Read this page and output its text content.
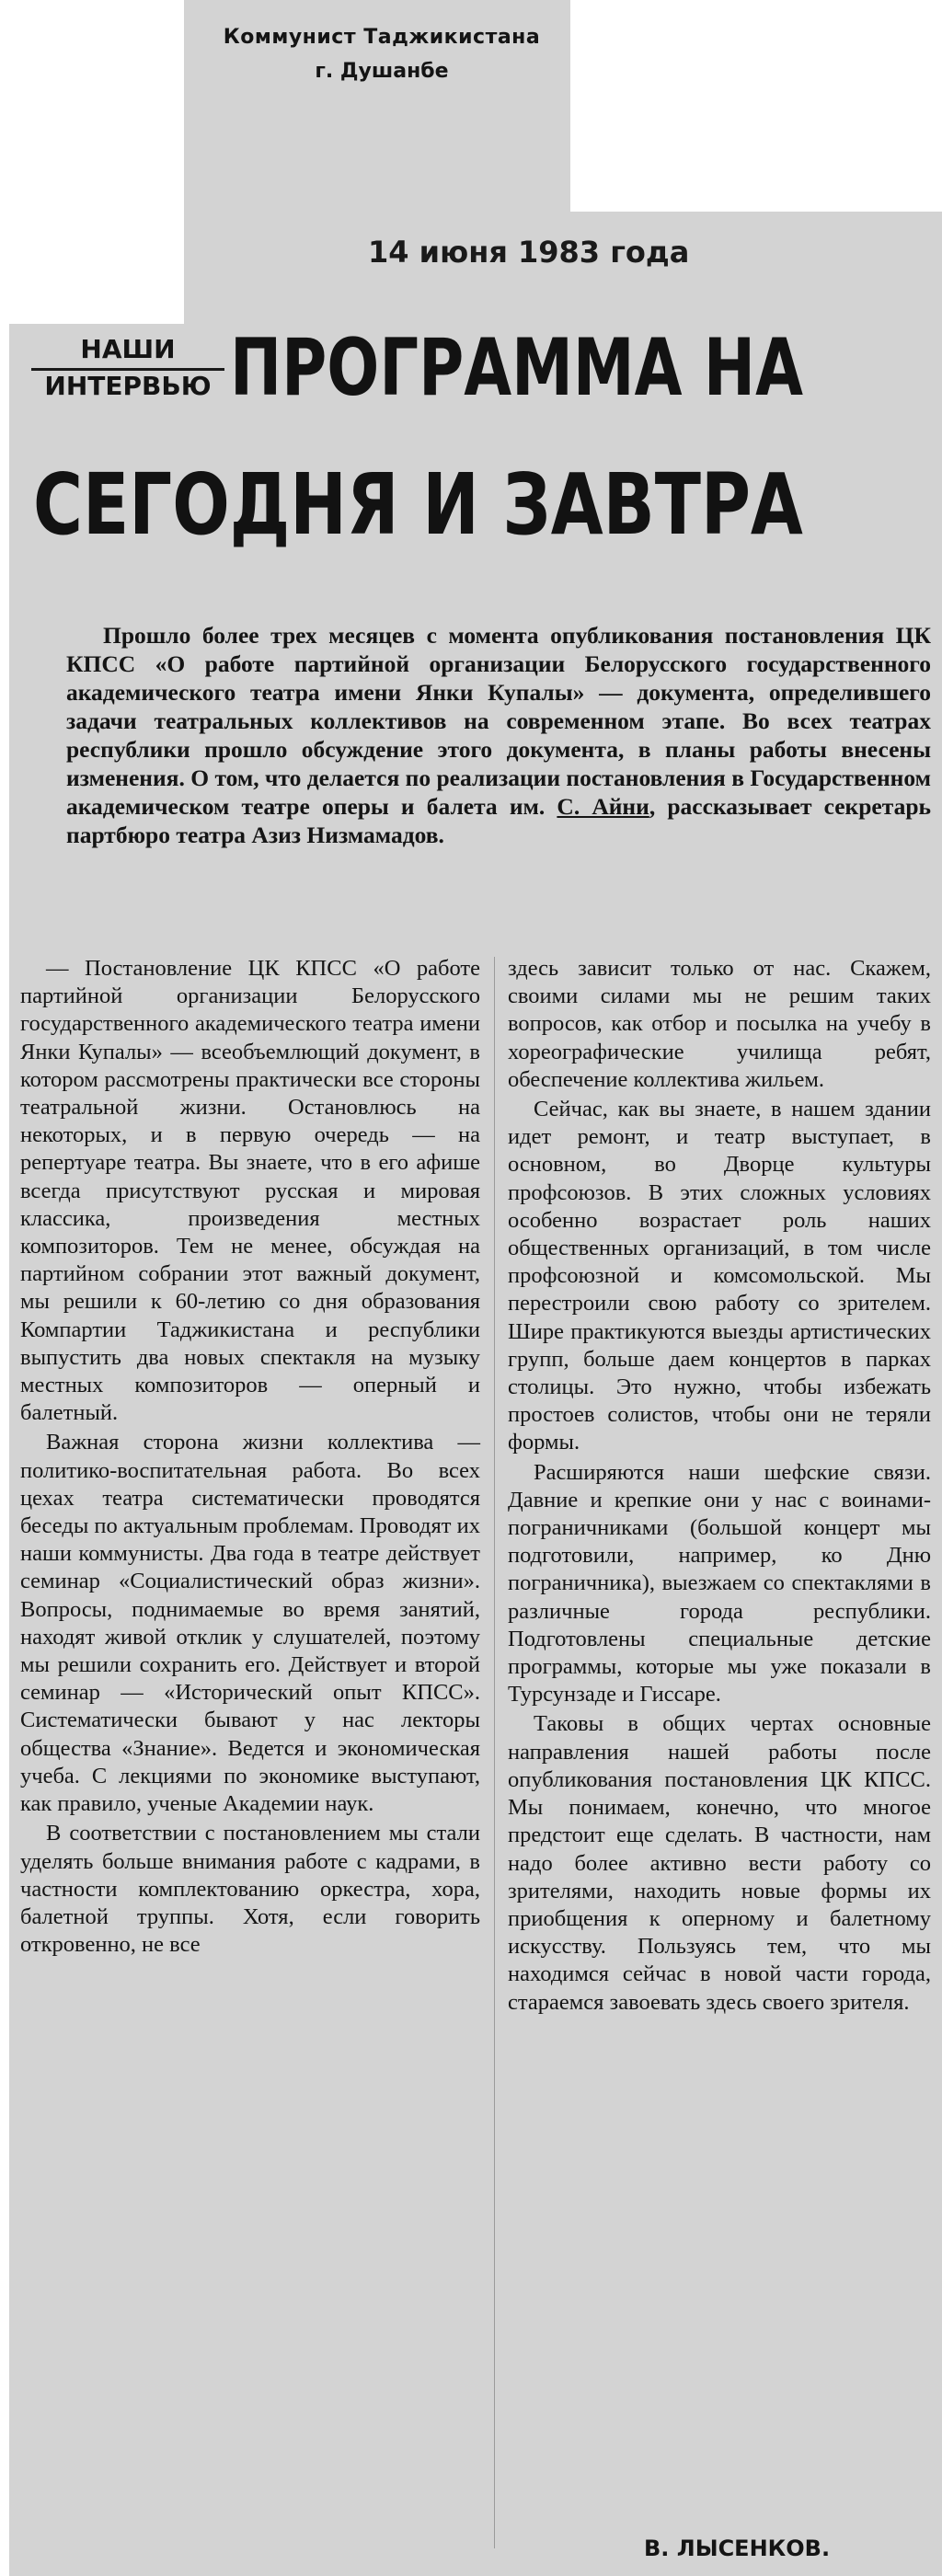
Коммунист Таджикистана
г. Душанбе
14 июня 1983 года
НАШИ
ИНТЕРВЬЮ ПРОГРАММА НА
СЕГОДНЯ И ЗАВТРА
Прошло более трех месяцев с момента опубликования постановления ЦК КПСС «О работе партийной организации Белорусского государственного академического театра имени Янки Купалы» — документа, определившего задачи театральных коллективов на современном этапе. Во всех театрах республики прошло обсуждение этого документа, в планы работы внесены изменения. О том, что делается по реализации постановления в Государственном академическом театре оперы и балета им. С. Айни, рассказывает секретарь партбюро театра Азиз Низмамадов.

— Постановление ЦК КПСС «О работе партийной организации Белорусского государственного академического театра имени Янки Купалы» — всеобъемлющий документ, в котором рассмотрены практически все стороны театральной жизни. Остановлюсь на некоторых, и в первую очередь — на репертуаре театра. Вы знаете, что в его афише всегда присутствуют русская и мировая классика, произведения местных композиторов. Тем не менее, обсуждая на партийном собрании этот важный документ, мы решили к 60-летию со дня образования Компартии Таджикистана и республики выпустить два новых спектакля на музыку местных композиторов — оперный и балетный.

Важная сторона жизни коллектива — политико-воспитательная работа. Во всех цехах театра систематически проводятся беседы по актуальным проблемам. Проводят их наши коммунисты. Два года в театре действует семинар «Социалистический образ жизни». Вопросы, поднимаемые во время занятий, находят живой отклик у слушателей, поэтому мы решили сохранить его. Действует и второй семинар — «Исторический опыт КПСС». Систематически бывают у нас лекторы общества «Знание». Ведется и экономическая учеба. С лекциями по экономике выступают, как правило, ученые Академии наук.

В соответствии с постановлением мы стали уделять больше внимания работе с кадрами, в частности комплектованию оркестра, хора, балетной труппы. Хотя, если говорить откровенно, не все

здесь зависит только от нас. Скажем, своими силами мы не решим таких вопросов, как отбор и посылка на учебу в хореографические училища ребят, обеспечение коллектива жильем.

Сейчас, как вы знаете, в нашем здании идет ремонт, и театр выступает, в основном, во Дворце культуры профсоюзов. В этих сложных условиях особенно возрастает роль наших общественных организаций, в том числе профсоюзной и комсомольской. Мы перестроили свою работу со зрителем. Шире практикуются выезды артистических групп, больше даем концертов в парках столицы. Это нужно, чтобы избежать простоев солистов, чтобы они не теряли формы.

Расширяются наши шефские связи. Давние и крепкие они у нас с воинами-пограничниками (большой концерт мы подготовили, например, ко Дню пограничника), выезжаем со спектаклями в различные города республики. Подготовлены специальные детские программы, которые мы уже показали в Турсунзаде и Гиссаре.

Таковы в общих чертах основные направления нашей работы после опубликования постановления ЦК КПСС. Мы понимаем, конечно, что многое предстоит еще сделать. В частности, нам надо более активно вести работу со зрителями, находить новые формы их приобщения к оперному и балетному искусству. Пользуясь тем, что мы находимся сейчас в новой части города, стараемся завоевать здесь своего зрителя.

В. ЛЫСЕНКОВ.
